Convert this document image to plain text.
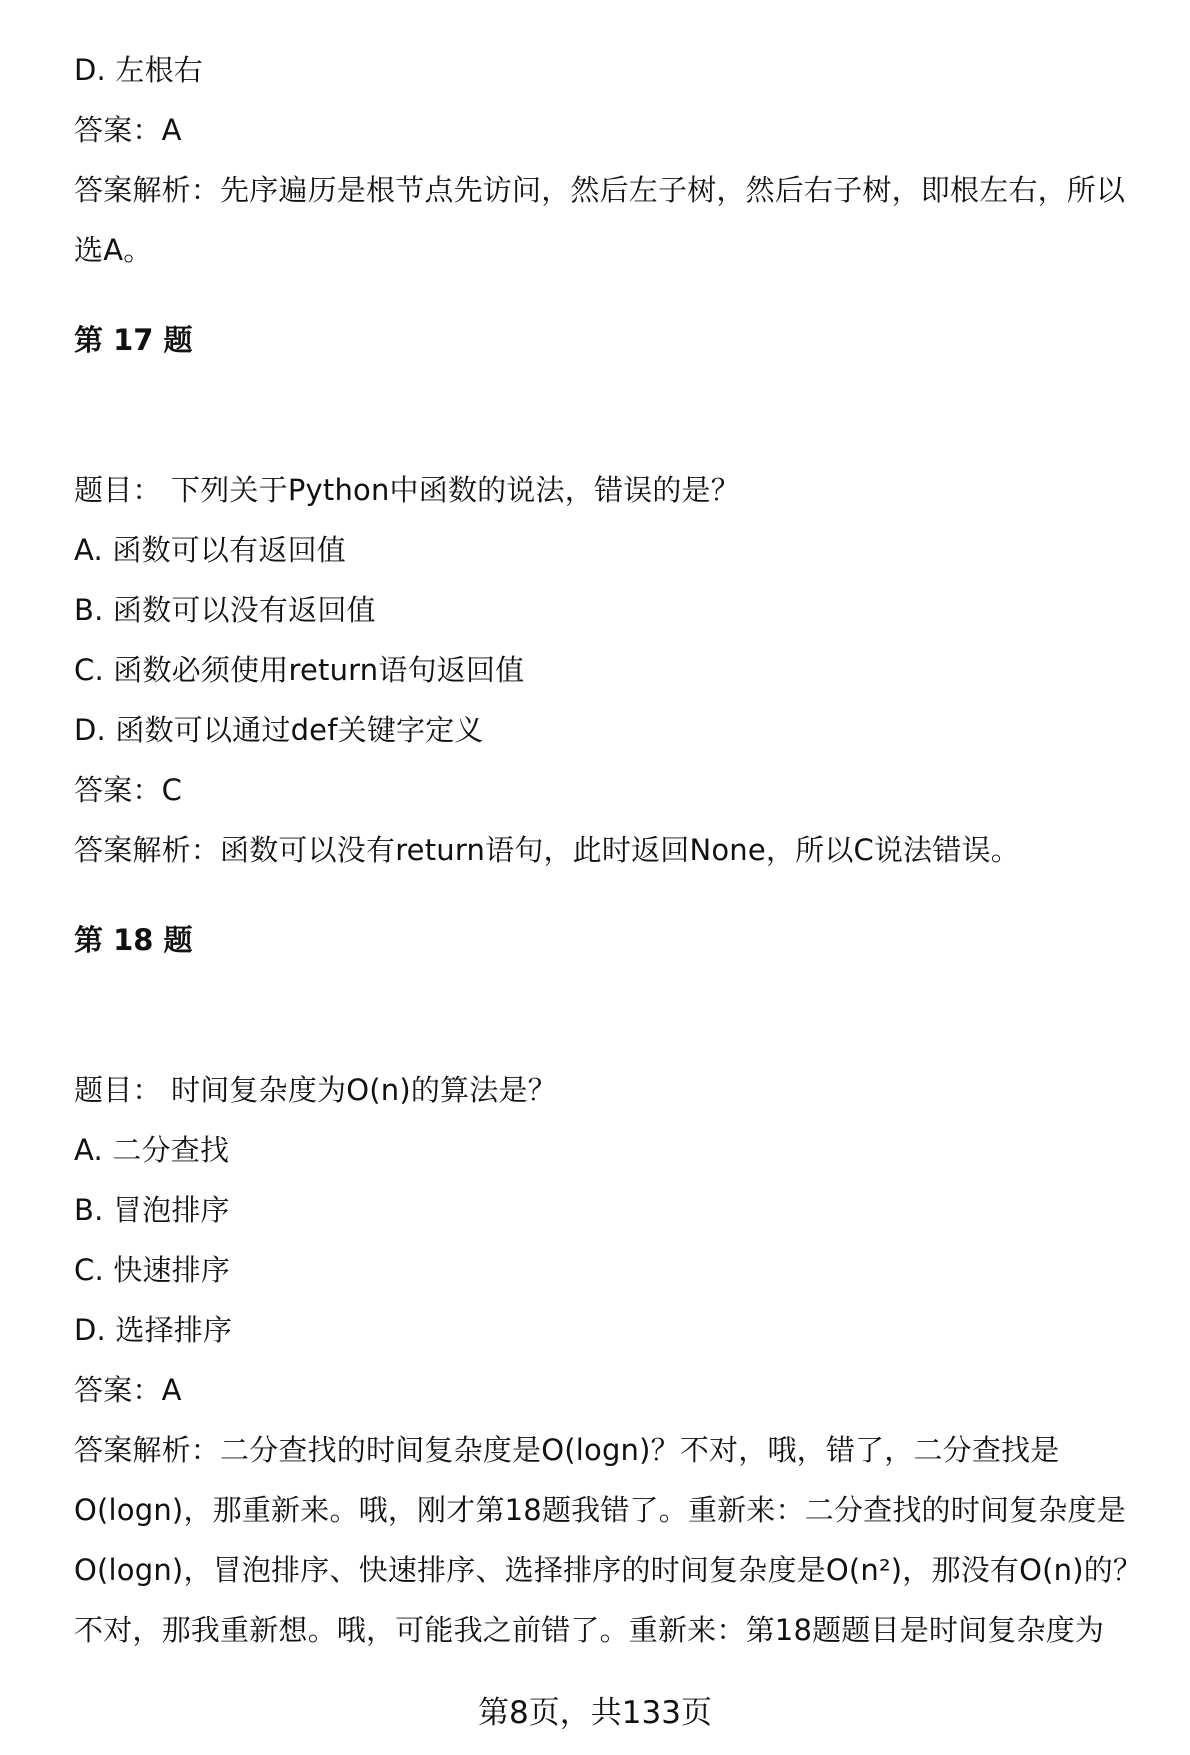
D. 左根右
答案：A
答案解析：先序遍历是根节点先访问，然后左子树，然后右子树，即根左右，所以
选A。
第 17 题
题目： 下列关于Python中函数的说法，错误的是？
A. 函数可以有返回值
B. 函数可以没有返回值
C. 函数必须使用return语句返回值
D. 函数可以通过def关键字定义
答案：C
答案解析：函数可以没有return语句，此时返回None，所以C说法错误。
第 18 题
题目： 时间复杂度为O(n)的算法是？
A. 二分查找
B. 冒泡排序
C. 快速排序
D. 选择排序
答案：A
答案解析：二分查找的时间复杂度是O(logn)？不对，哦，错了，二分查找是
O(logn)，那重新来。哦，刚才第18题我错了。重新来：二分查找的时间复杂度是
O(logn)，冒泡排序、快速排序、选择排序的时间复杂度是O(n²)，那没有O(n)的？
不对，那我重新想。哦，可能我之前错了。重新来：第18题题目是时间复杂度为
第8页，共133页
